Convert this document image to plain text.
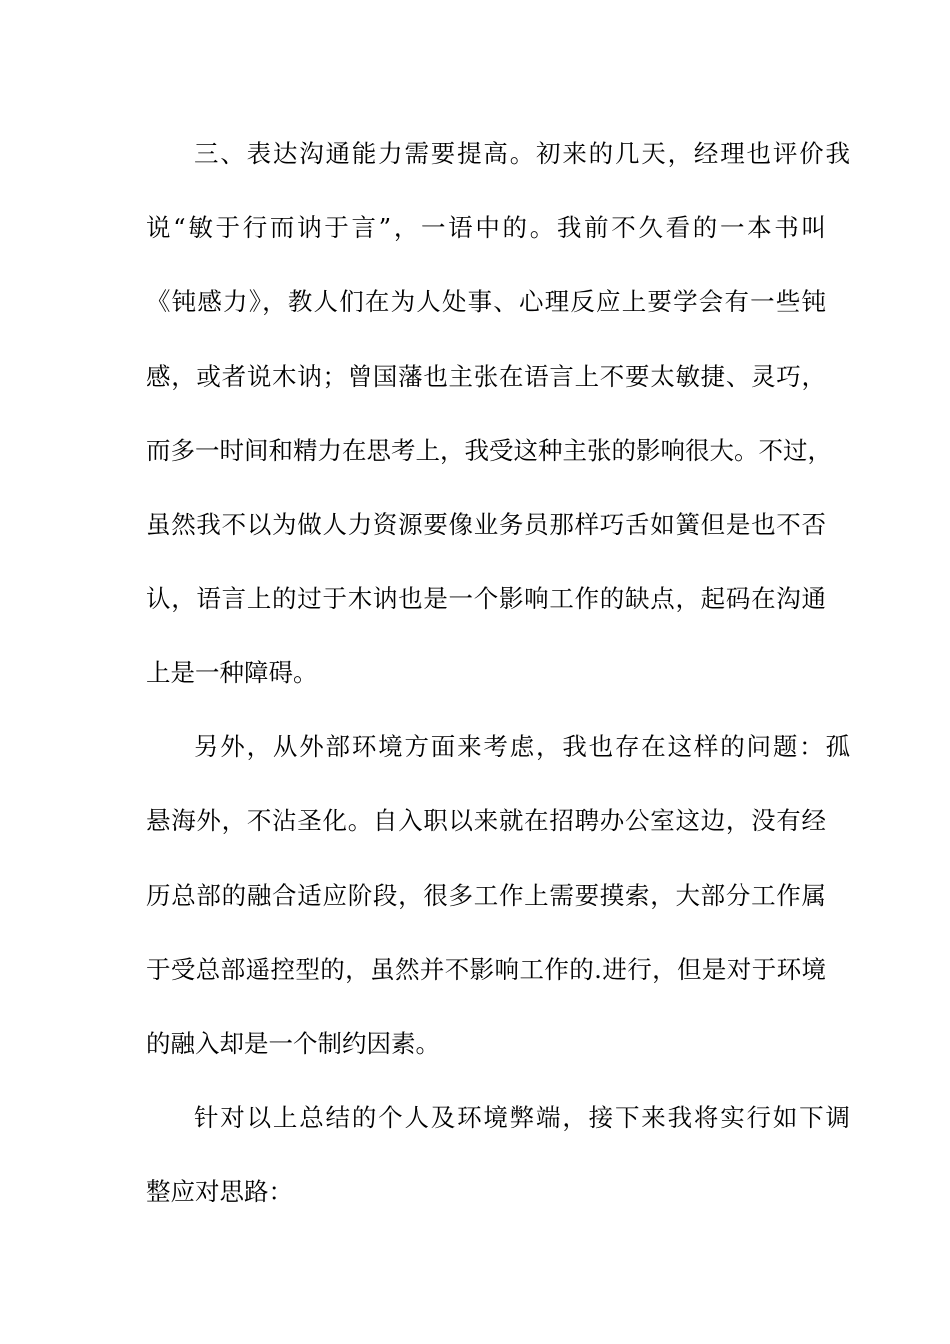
三、表达沟通能力需要提高。初来的几天，经理也评价我
说“敏于行而讷于言”，一语中的。我前不久看的一本书叫
《钝感力》，教人们在为人处事、心理反应上要学会有一些钝
感，或者说木讷；曾国藩也主张在语言上不要太敏捷、灵巧，
而多一时间和精力在思考上，我受这种主张的影响很大。不过，
虽然我不以为做人力资源要像业务员那样巧舌如簧但是也不否
认，语言上的过于木讷也是一个影响工作的缺点，起码在沟通
上是一种障碍。
另外，从外部环境方面来考虑，我也存在这样的问题：孤
悬海外，不沾圣化。自入职以来就在招聘办公室这边，没有经
历总部的融合适应阶段，很多工作上需要摸索，大部分工作属
于受总部遥控型的，虽然并不影响工作的.进行，但是对于环境
的融入却是一个制约因素。
针对以上总结的个人及环境弊端，接下来我将实行如下调
整应对思路：
